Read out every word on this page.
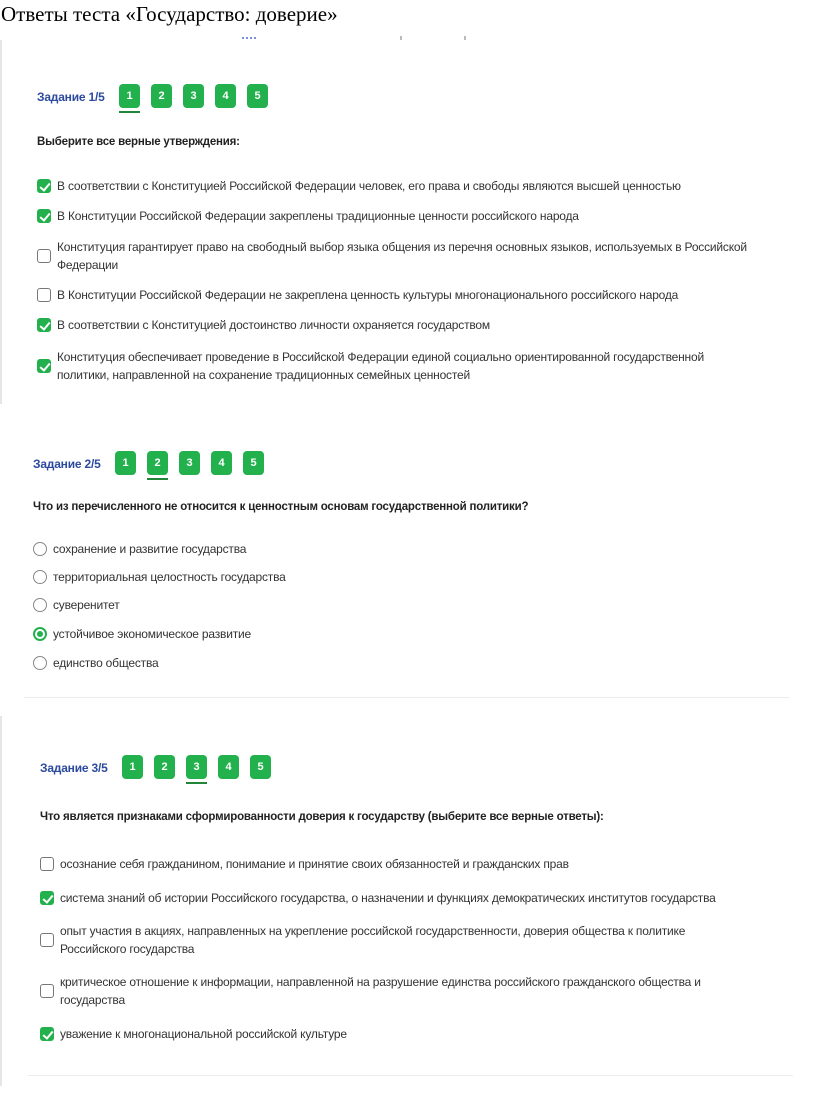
Ответы теста «Государство: доверие»
Задание 1/5	1	2	3	4	5
Выберите все верные утверждения:
В соответствии с Конституцией Российской Федерации человек, его права и свободы являются высшей ценностью
В Конституции Российской Федерации закреплены традиционные ценности российского народа
Конституция гарантирует право на свободный выбор языка общения из перечня основных языков, используемых в Российской Федерации
В Конституции Российской Федерации не закреплена ценность культуры многонационального российского народа
В соответствии с Конституцией достоинство личности охраняется государством
Конституция обеспечивает проведение в Российской Федерации единой социально ориентированной государственной политики, направленной на сохранение традиционных семейных ценностей
Задание 2/5	1	2	3	4	5
Что из перечисленного не относится к ценностным основам государственной политики?
сохранение и развитие государства
территориальная целостность государства
суверенитет
устойчивое экономическое развитие
единство общества
Задание 3/5	1	2	3	4	5
Что является признаками сформированности доверия к государству (выберите все верные ответы):
осознание себя гражданином, понимание и принятие своих обязанностей и гражданских прав
система знаний об истории Российского государства, о назначении и функциях демократических институтов государства
опыт участия в акциях, направленных на укрепление российской государственности, доверия общества к политике Российского государства
критическое отношение к информации, направленной на разрушение единства российского гражданского общества и государства
уважение к многонациональной российской культуре
